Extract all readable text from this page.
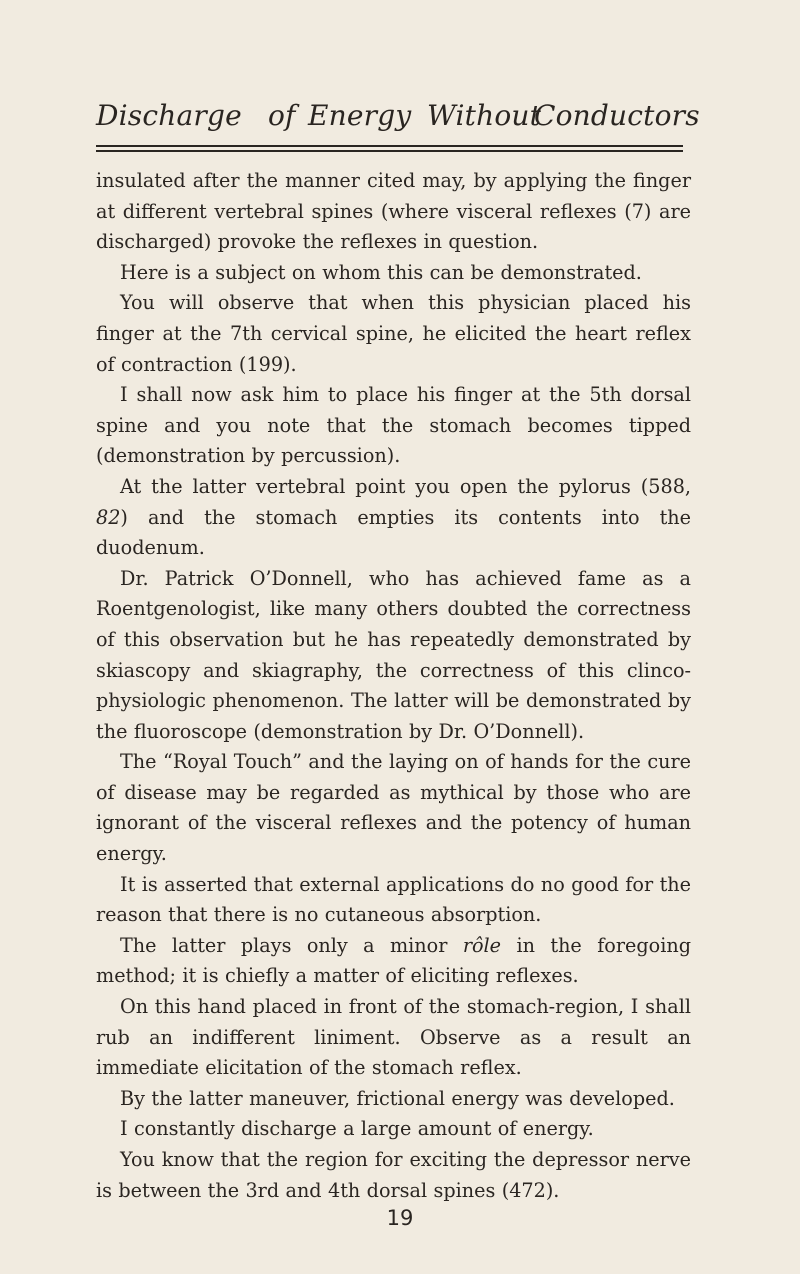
Discharge of Energy Without
Conductors

insulated after the manner cited may, by applying the finger at different vertebral spines (where visceral reflexes (7) are discharged) provoke the reflexes in question.

Here is a subject on whom this can be demonstrated.

You will observe that when this physician placed his finger at the 7th cervical spine, he elicited the heart reflex of contraction (199).

I shall now ask him to place his finger at the 5th dorsal spine and you note that the stomach becomes tipped (demonstration by percussion).

At the latter vertebral point you open the pylorus (588, 82) and the stomach empties its contents into the duodenum.

Dr. Patrick O’Donnell, who has achieved fame as a Roentgenologist, like many others doubted the correctness of this observation but he has repeatedly demonstrated by skiascopy and skiagraphy, the correctness of this clincophysiologic phenomenon. The latter will be demonstrated by the fluoroscope (demonstration by Dr. O’Donnell).

The “Royal Touch” and the laying on of hands for the cure of disease may be regarded as mythical by those who are ignorant of the visceral reflexes and the potency of human energy.

It is asserted that external applications do no good for the reason that there is no cutaneous absorption.

The latter plays only a minor rôle in the foregoing method; it is chiefly a matter of eliciting reflexes.

On this hand placed in front of the stomach-region, I shall rub an indifferent liniment. Observe as a result an immediate elicitation of the stomach reflex.

By the latter maneuver, frictional energy was developed.

I constantly discharge a large amount of energy.

You know that the region for exciting the depressor nerve is between the 3rd and 4th dorsal spines (472).

19
